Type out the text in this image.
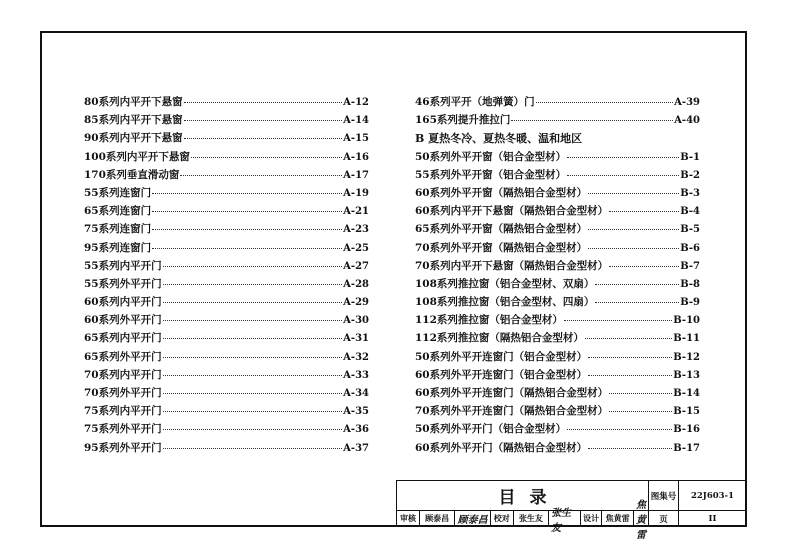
80系列内平开下悬窗	A-12
85系列内平开下悬窗	A-14
90系列内平开下悬窗	A-15
100系列内平开下悬窗	A-16
170系列垂直滑动窗	A-17
55系列连窗门	A-19
65系列连窗门	A-21
75系列连窗门	A-23
95系列连窗门	A-25
55系列内平开门	A-27
55系列外平开门	A-28
60系列内平开门	A-29
60系列外平开门	A-30
65系列内平开门	A-31
65系列外平开门	A-32
70系列内平开门	A-33
70系列外平开门	A-34
75系列内平开门	A-35
75系列外平开门	A-36
95系列外平开门	A-37
46系列平开（地弹簧）门	A-39
165系列提升推拉门	A-40
B 夏热冬冷、夏热冬暖、温和地区
50系列外平开窗（铝合金型材）	B-1
55系列外平开窗（铝合金型材）	B-2
60系列外平开窗（隔热铝合金型材）	B-3
60系列内平开下悬窗（隔热铝合金型材）	B-4
65系列外平开窗（隔热铝合金型材）	B-5
70系列外平开窗（隔热铝合金型材）	B-6
70系列内平开下悬窗（隔热铝合金型材）	B-7
108系列推拉窗（铝合金型材、双扇）	B-8
108系列推拉窗（铝合金型材、四扇）	B-9
112系列推拉窗（铝合金型材）	B-10
112系列推拉窗（隔热铝合金型材）	B-11
50系列外平开连窗门（铝合金型材）	B-12
60系列外平开连窗门（铝合金型材）	B-13
60系列外平开连窗门（隔热铝合金型材）	B-14
70系列外平开连窗门（隔热铝合金型材）	B-15
50系列外平开门（铝合金型材）	B-16
60系列外平开门（隔热铝合金型材）	B-17
目录	图集号	22J603-1
审核	顾泰昌 顾泰昌 校对	张生友 张生友
设计 焦黄雷
焦黄雷
页	II
